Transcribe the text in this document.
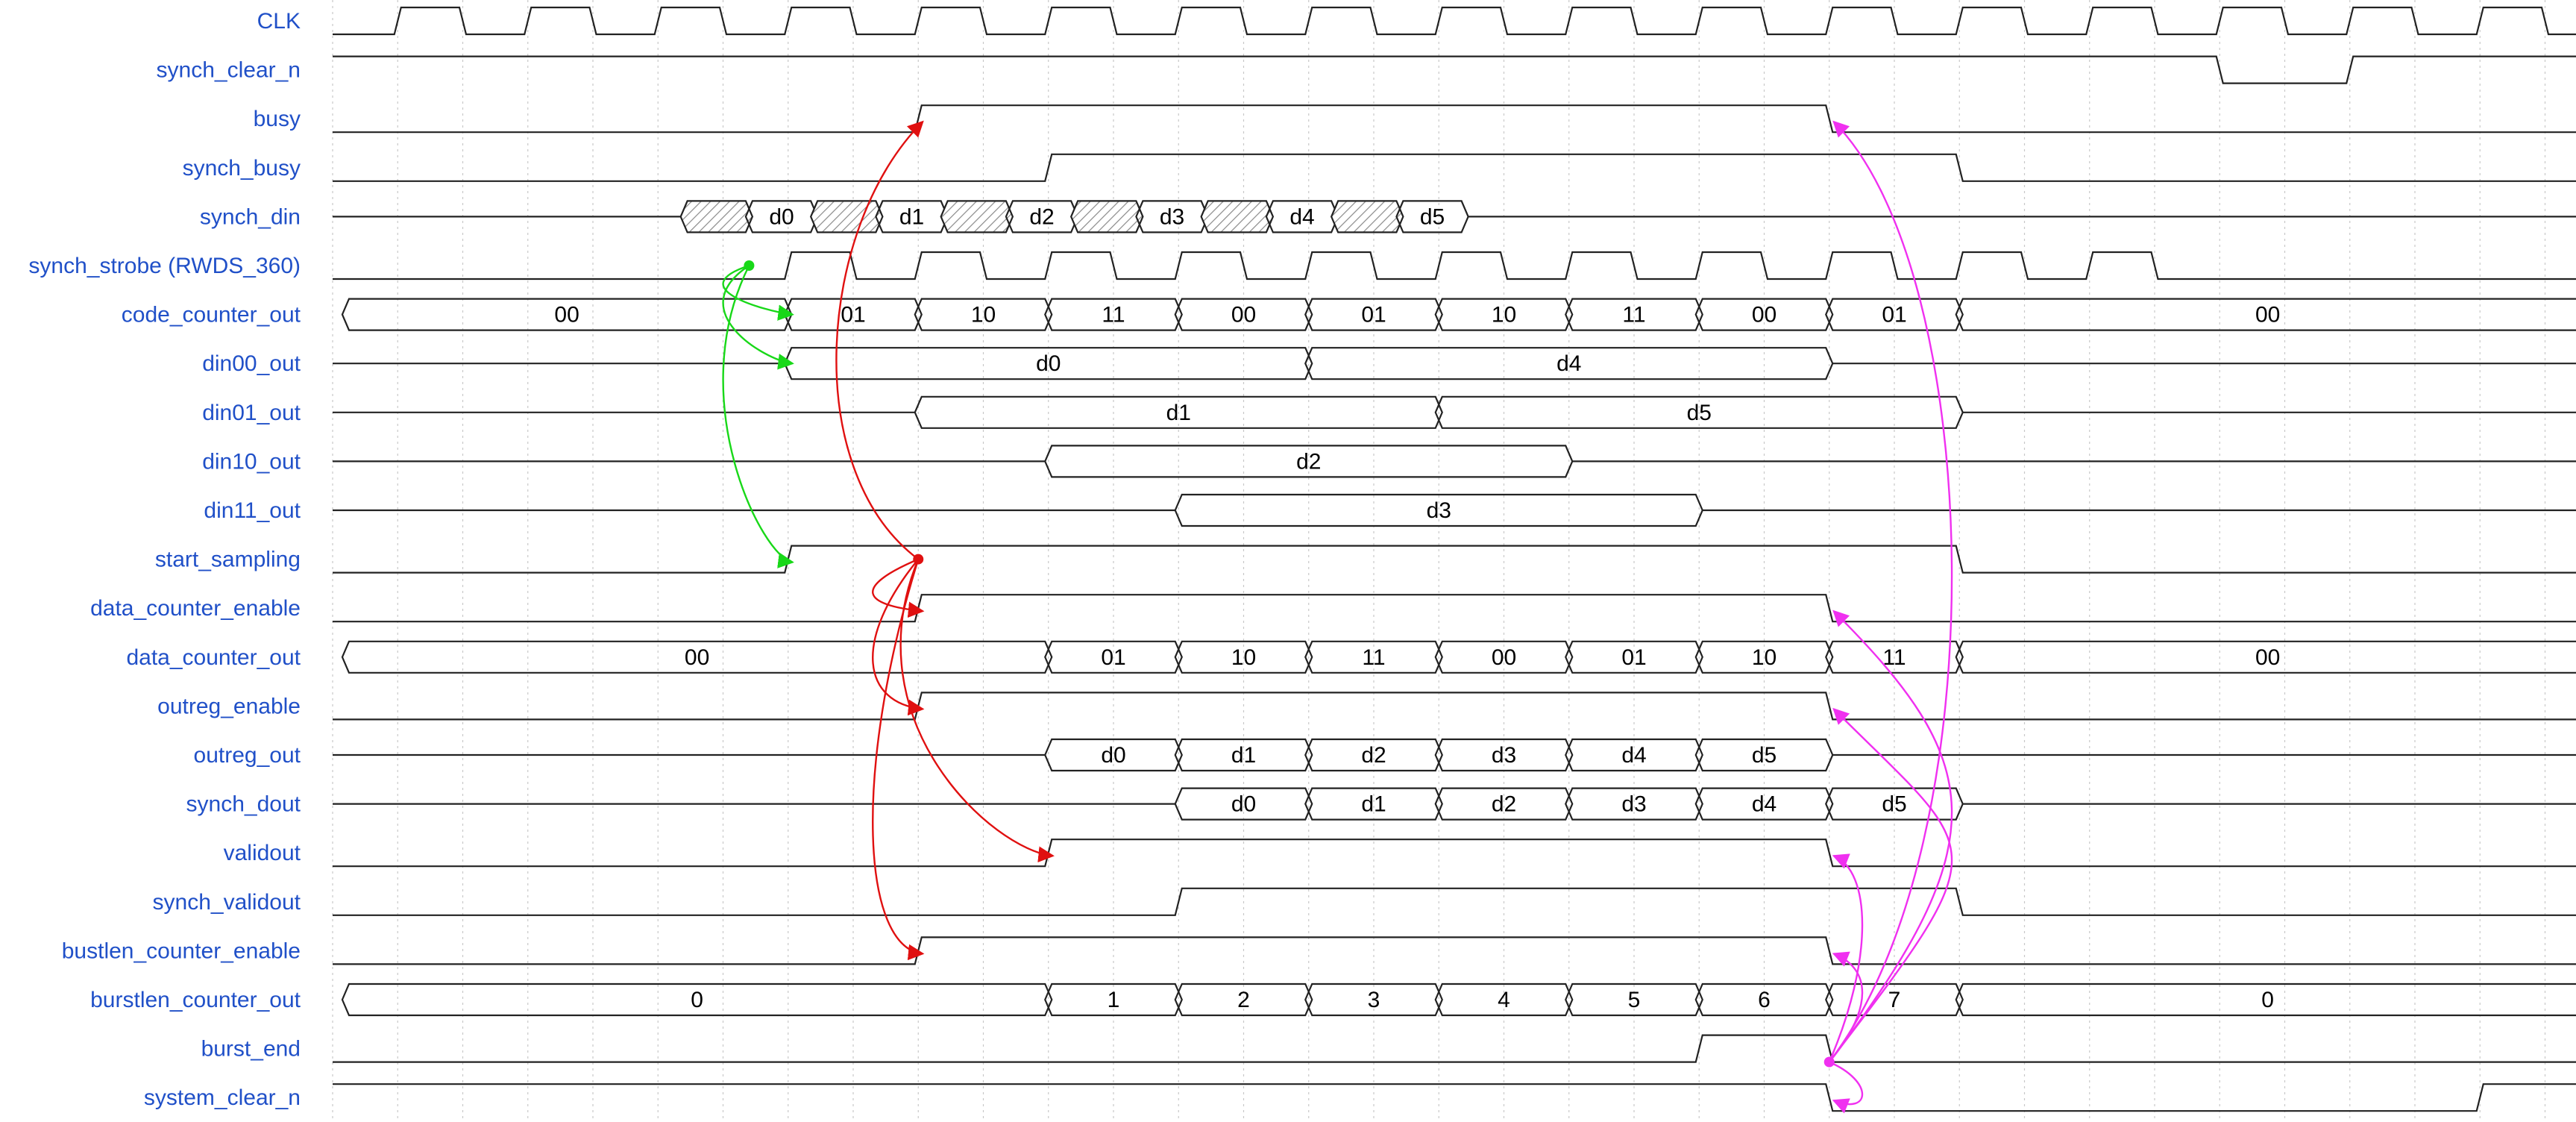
CLK
synch_clear_n
busy
synch_busy
synch_din
synch_strobe (RWDS_360)
code_counter_out
din00_out
din01_out
din10_out
din11_out
start_sampling
data_counter_enable
data_counter_out
outreg_enable
outreg_out
synch_dout
validout
synch_validout
bustlen_counter_enable
burstlen_counter_out
burst_end
system_clear_n
d0	d1	d2	d3	d4	d5
00	01	10	11	00	01	10	11	00	01	00
d0	d4
d1	d5
d2
d3
00	01	10	11	00	01	10	11	00
d0	d1	d2	d3	d4	d5
d0	d1	d2	d3	d4	d5
0	1	2	3	4	5	6	7	0
